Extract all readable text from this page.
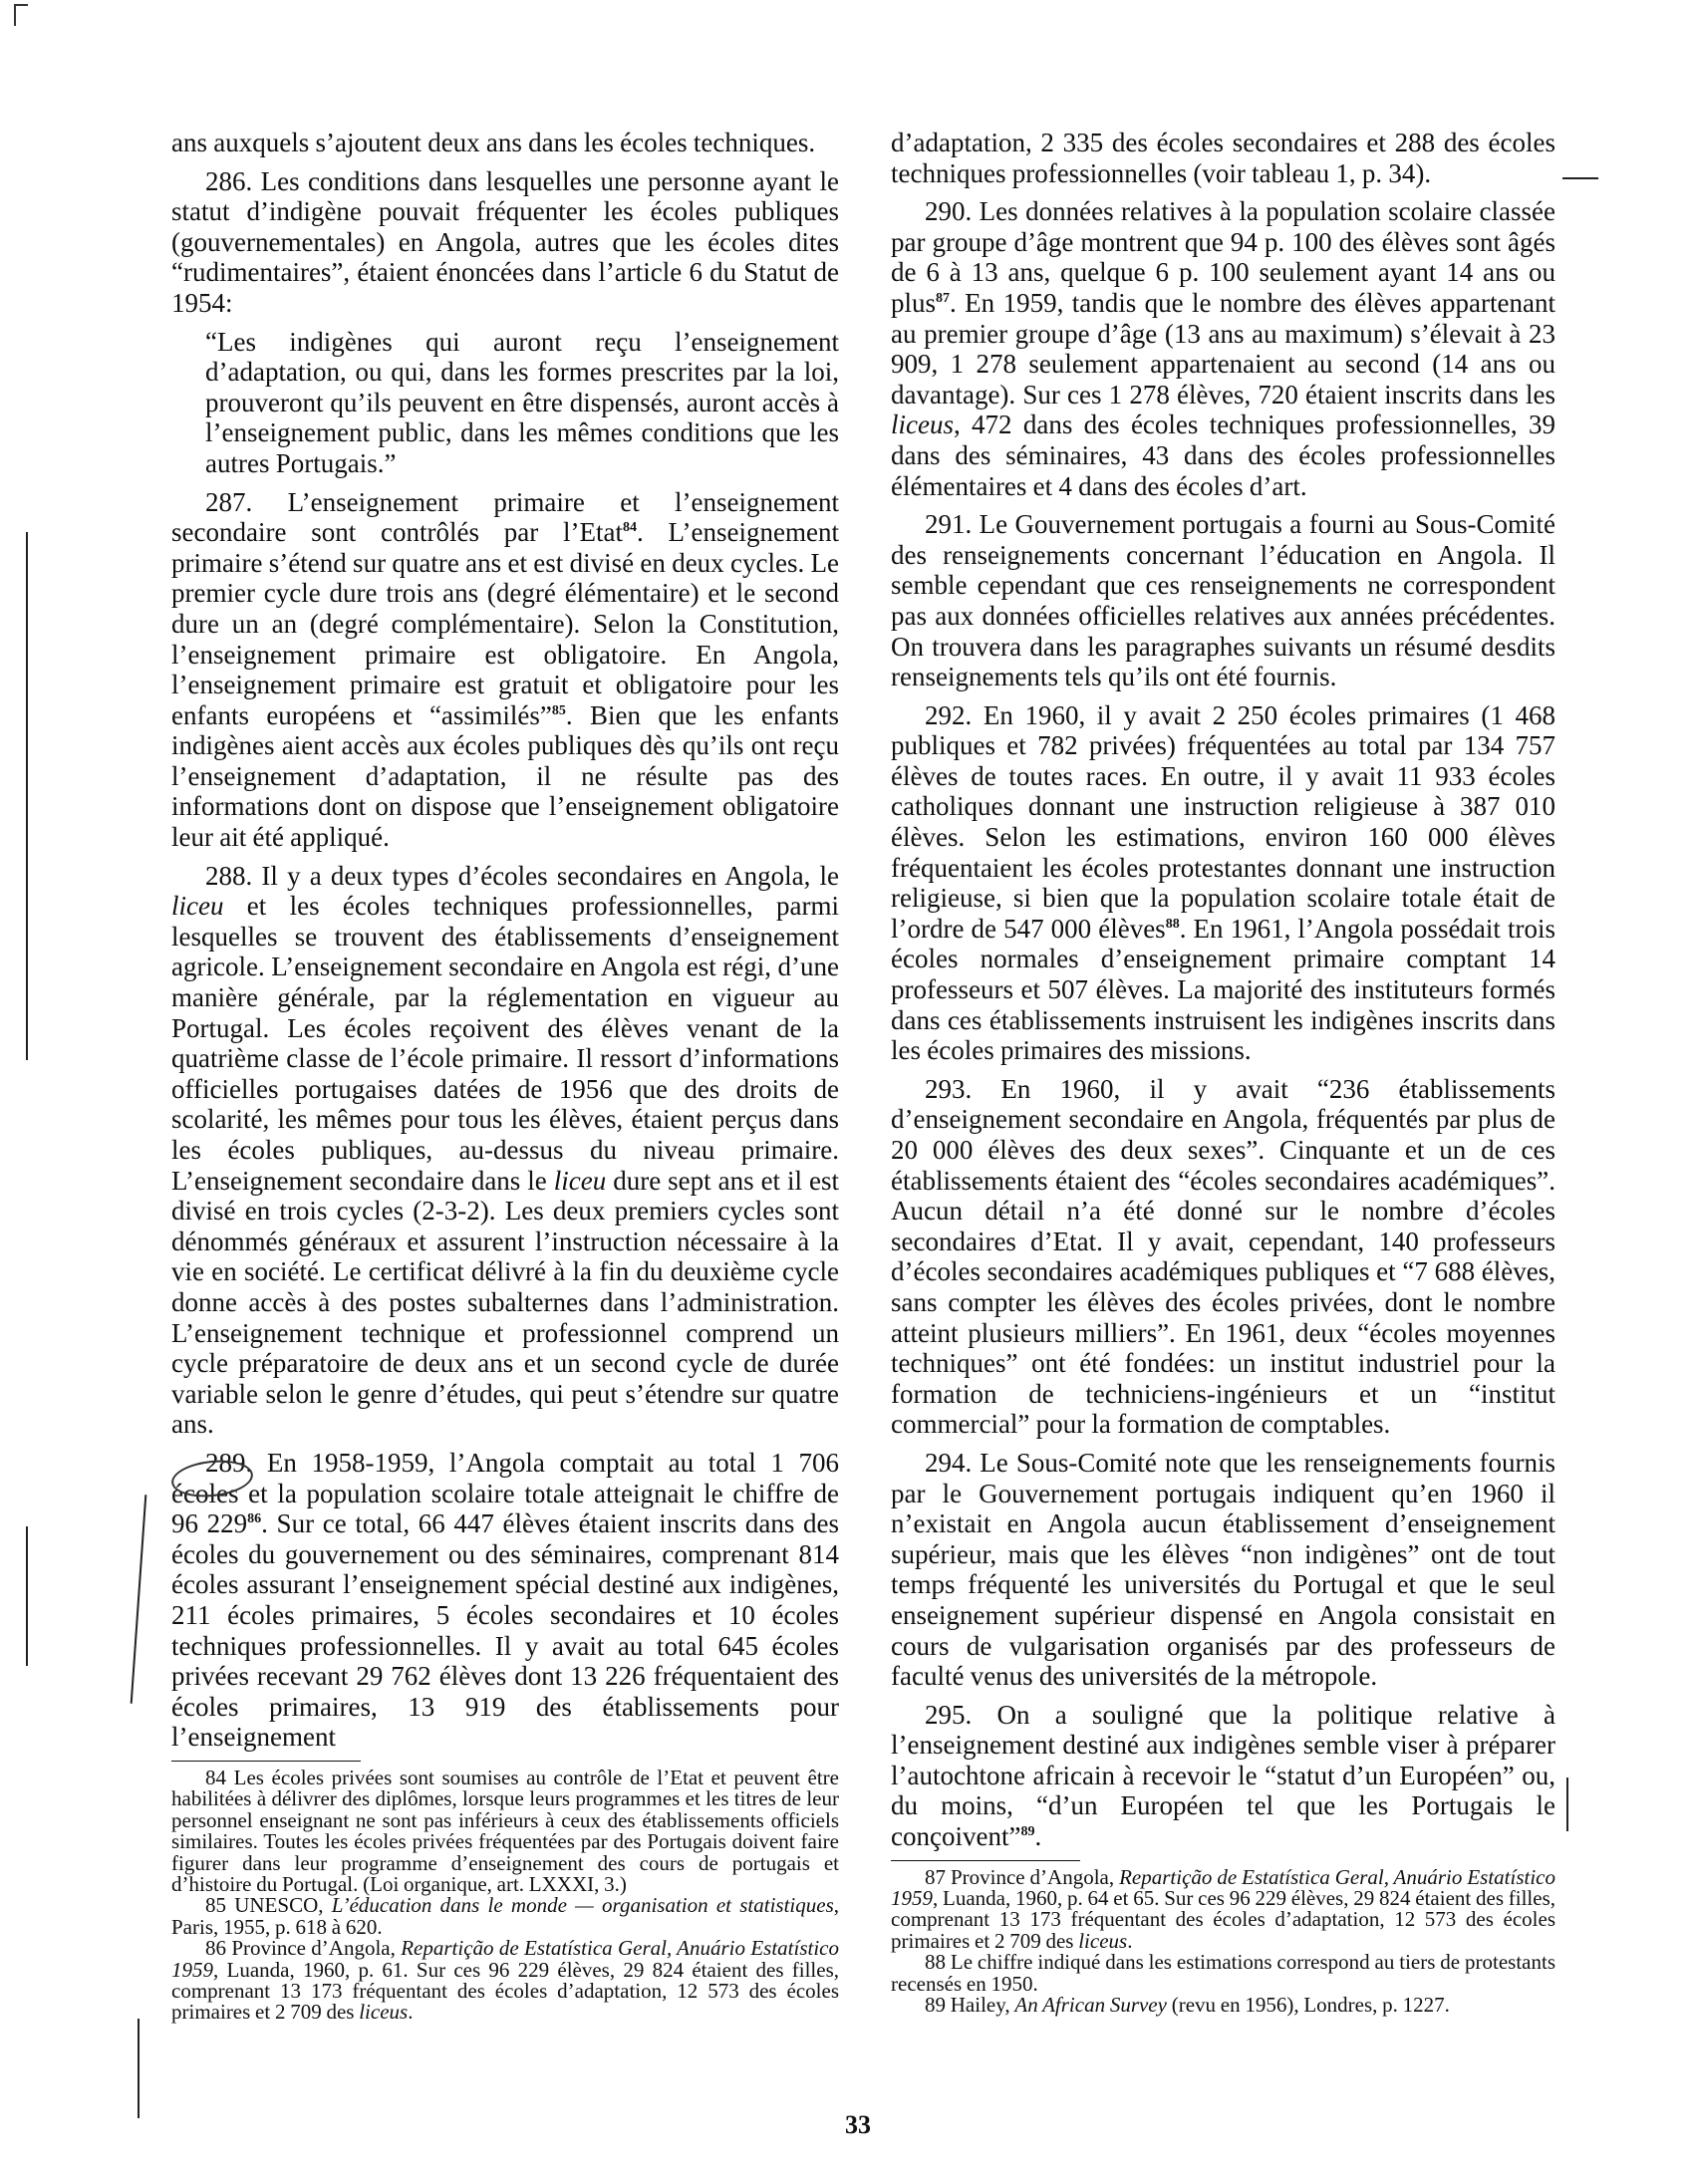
ans auxquels s’ajoutent deux ans dans les écoles techniques.

286. Les conditions dans lesquelles une personne ayant le statut d’indigène pouvait fréquenter les écoles publiques (gouvernementales) en Angola, autres que les écoles dites “rudimentaires”, étaient énoncées dans l’article 6 du Statut de 1954:

“Les indigènes qui auront reçu l’enseignement d’adaptation, ou qui, dans les formes prescrites par la loi, prouveront qu’ils peuvent en être dispensés, auront accès à l’enseignement public, dans les mêmes conditions que les autres Portugais.”

287. L’enseignement primaire et l’enseignement secondaire sont contrôlés par l’Etat$^{84}$. L’enseignement primaire s’étend sur quatre ans et est divisé en deux cycles. Le premier cycle dure trois ans (degré élémentaire) et le second dure un an (degré complémentaire). Selon la Constitution, l’enseignement primaire est obligatoire. En Angola, l’enseignement primaire est gratuit et obligatoire pour les enfants européens et “assimilés”$^{85}$. Bien que les enfants indigènes aient accès aux écoles publiques dès qu’ils ont reçu l’enseignement d’adaptation, il ne résulte pas des informations dont on dispose que l’enseignement obligatoire leur ait été appliqué.

288. Il y a deux types d’écoles secondaires en Angola, le liceu et les écoles techniques professionnelles, parmi lesquelles se trouvent des établissements d’enseignement agricole. L’enseignement secondaire en Angola est régi, d’une manière générale, par la réglementation en vigueur au Portugal. Les écoles reçoivent des élèves venant de la quatrième classe de l’école primaire. Il ressort d’informations officielles portugaises datées de 1956 que des droits de scolarité, les mêmes pour tous les élèves, étaient perçus dans les écoles publiques, au-dessus du niveau primaire. L’enseignement secondaire dans le liceu dure sept ans et il est divisé en trois cycles (2-3-2). Les deux premiers cycles sont dénommés généraux et assurent l’instruction nécessaire à la vie en société. Le certificat délivré à la fin du deuxième cycle donne accès à des postes subalternes dans l’administration. L’enseignement technique et professionnel comprend un cycle préparatoire de deux ans et un second cycle de durée variable selon le genre d’études, qui peut s’étendre sur quatre ans.

289. En 1958-1959, l’Angola comptait au total 1 706 écoles et la population scolaire totale atteignait le chiffre de 96 229$^{86}$. Sur ce total, 66 447 élèves étaient inscrits dans des écoles du gouvernement ou des séminaires, comprenant 814 écoles assurant l’enseignement spécial destiné aux indigènes, 211 écoles primaires, 5 écoles secondaires et 10 écoles techniques professionnelles. Il y avait au total 645 écoles privées recevant 29 762 élèves dont 13 226 fréquentaient des écoles primaires, 13 919 des établissements pour l’enseignement

84 Les écoles privées sont soumises au contrôle de l’Etat et peuvent être habilitées à délivrer des diplômes, lorsque leurs programmes et les titres de leur personnel enseignant ne sont pas inférieurs à ceux des établissements officiels similaires. Toutes les écoles privées fréquentées par des Portugais doivent faire figurer dans leur programme d’enseignement des cours de portugais et d’histoire du Portugal. (Loi organique, art. LXXXI, 3.)

85 UNESCO, L’éducation dans le monde — organisation et statistiques, Paris, 1955, p. 618 à 620.

86 Province d’Angola, Repartição de Estatística Geral, Anuário Estatístico 1959, Luanda, 1960, p. 61. Sur ces 96 229 élèves, 29 824 étaient des filles, comprenant 13 173 fréquentant des écoles d’adaptation, 12 573 des écoles primaires et 2 709 des liceus.

d’adaptation, 2 335 des écoles secondaires et 288 des écoles techniques professionnelles (voir tableau 1, p. 34).

290. Les données relatives à la population scolaire classée par groupe d’âge montrent que 94 p. 100 des élèves sont âgés de 6 à 13 ans, quelque 6 p. 100 seulement ayant 14 ans ou plus$^{87}$. En 1959, tandis que le nombre des élèves appartenant au premier groupe d’âge (13 ans au maximum) s’élevait à 23 909, 1 278 seulement appartenaient au second (14 ans ou davantage). Sur ces 1 278 élèves, 720 étaient inscrits dans les liceus, 472 dans des écoles techniques professionnelles, 39 dans des séminaires, 43 dans des écoles professionnelles élémentaires et 4 dans des écoles d’art.

291. Le Gouvernement portugais a fourni au Sous-Comité des renseignements concernant l’éducation en Angola. Il semble cependant que ces renseignements ne correspondent pas aux données officielles relatives aux années précédentes. On trouvera dans les paragraphes suivants un résumé desdits renseignements tels qu’ils ont été fournis.

292. En 1960, il y avait 2 250 écoles primaires (1 468 publiques et 782 privées) fréquentées au total par 134 757 élèves de toutes races. En outre, il y avait 11 933 écoles catholiques donnant une instruction religieuse à 387 010 élèves. Selon les estimations, environ 160 000 élèves fréquentaient les écoles protestantes donnant une instruction religieuse, si bien que la population scolaire totale était de l’ordre de 547 000 élèves$^{88}$. En 1961, l’Angola possédait trois écoles normales d’enseignement primaire comptant 14 professeurs et 507 élèves. La majorité des instituteurs formés dans ces établissements instruisent les indigènes inscrits dans les écoles primaires des missions.

293. En 1960, il y avait “236 établissements d’enseignement secondaire en Angola, fréquentés par plus de 20 000 élèves des deux sexes”. Cinquante et un de ces établissements étaient des “écoles secondaires académiques”. Aucun détail n’a été donné sur le nombre d’écoles secondaires d’Etat. Il y avait, cependant, 140 professeurs d’écoles secondaires académiques publiques et “7 688 élèves, sans compter les élèves des écoles privées, dont le nombre atteint plusieurs milliers”. En 1961, deux “écoles moyennes techniques” ont été fondées: un institut industriel pour la formation de techniciens-ingénieurs et un “institut commercial” pour la formation de comptables.

294. Le Sous-Comité note que les renseignements fournis par le Gouvernement portugais indiquent qu’en 1960 il n’existait en Angola aucun établissement d’enseignement supérieur, mais que les élèves “non indigènes” ont de tout temps fréquenté les universités du Portugal et que le seul enseignement supérieur dispensé en Angola consistait en cours de vulgarisation organisés par des professeurs de faculté venus des universités de la métropole.

295. On a souligné que la politique relative à l’enseignement destiné aux indigènes semble viser à préparer l’autochtone africain à recevoir le “statut d’un Européen” ou, du moins, “d’un Européen tel que les Portugais le conçoivent”$^{89}$.

87 Province d’Angola, Repartição de Estatística Geral, Anuário Estatístico 1959, Luanda, 1960, p. 64 et 65. Sur ces 96 229 élèves, 29 824 étaient des filles, comprenant 13 173 fréquentant des écoles d’adaptation, 12 573 des écoles primaires et 2 709 des liceus.

88 Le chiffre indiqué dans les estimations correspond au tiers de protestants recensés en 1950.

89 Hailey, An African Survey (revu en 1956), Londres, p. 1227.

33
